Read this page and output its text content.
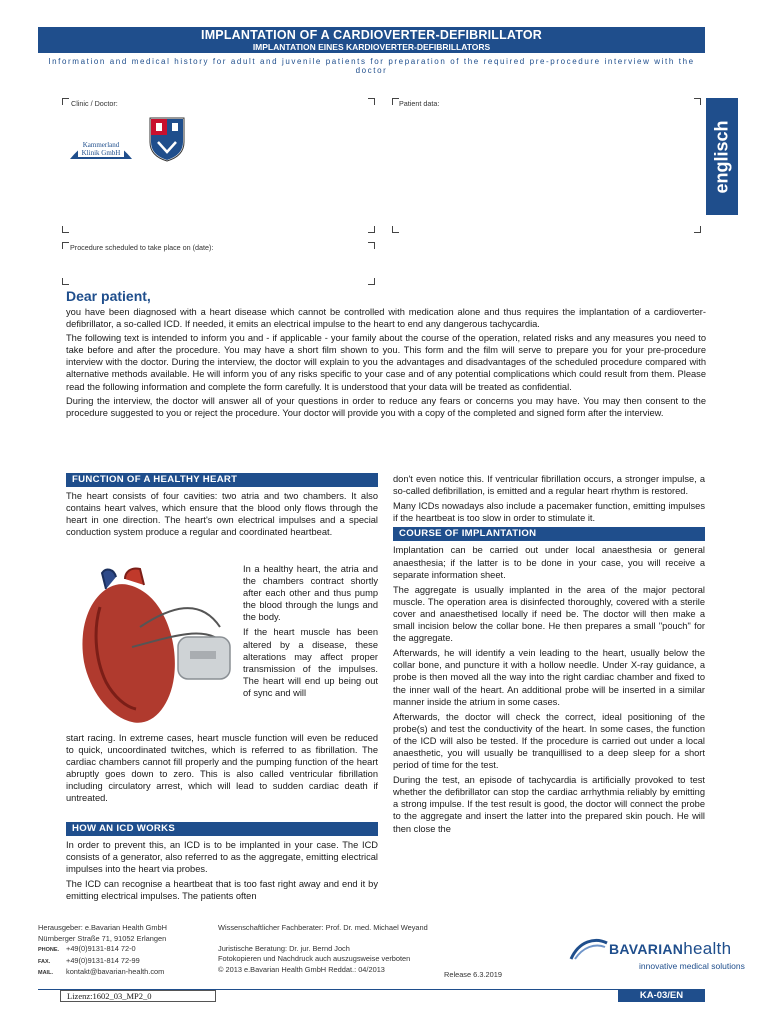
IMPLANTATION OF A CARDIOVERTER-DEFIBRILLATOR
IMPLANTATION EINES KARDIOVERTER-DEFIBRILLATORS
Information and medical history for adult and juvenile patients for preparation of the required pre-procedure interview with the doctor
englisch
Clinic / Doctor:	Patient data:
Procedure scheduled to take place on (date):
Kammerland
Klinik GmbH
Dear patient,

you have been diagnosed with a heart disease which cannot be controlled with medication alone and thus requires the implantation of a cardioverter-defibrillator, a so-called ICD. If needed, it emits an electrical impulse to the heart to end any dangerous tachycardia.

The following text is intended to inform you and - if applicable - your family about the course of the operation, related risks and any measures you need to take before and after the procedure. You may have a short film shown to you. This form and the film will serve to prepare you for your pre-procedure interview with the doctor. During the interview, the doctor will explain to you the advantages and disadvantages of the scheduled procedure compared with alternative methods available. He will inform you of any risks specific to your case and of any potential complications which could result from them. Please read the following information and complete the form carefully. It is understood that your data will be treated as confidential.

During the interview, the doctor will answer all of your questions in order to reduce any fears or concerns you may have. You may then consent to the procedure suggested to you or reject the procedure. Your doctor will provide you with a copy of the completed and signed form after the interview.

FUNCTION OF A HEALTHY HEART

The heart consists of four cavities: two atria and two chambers. It also contains heart valves, which ensure that the blood only flows through the heart in one direction. The heart's own electrical impulses and a special conduction system produce a regular and coordinated heartbeat.

In a healthy heart, the atria and the chambers contract shortly after each other and thus pump the blood through the lungs and the body.

If the heart muscle has been altered by a disease, these alterations may affect proper transmission of the impulses. The heart will end up being out of sync and will

start racing. In extreme cases, heart muscle function will even be reduced to quick, uncoordinated twitches, which is referred to as fibrillation. The cardiac chambers cannot fill properly and the pumping function of the heart abruptly goes down to zero. This is also called ventricular fibrillation including circulatory arrest, which will lead to sudden cardiac death if untreated.
HOW AN ICD WORKS

In order to prevent this, an ICD is to be implanted in your case. The ICD consists of a generator, also referred to as the aggregate, emitting electrical impulses into the heart via probes.

The ICD can recognise a heartbeat that is too fast right away and end it by emitting electrical impulses. The patients often

don't even notice this. If ventricular fibrillation occurs, a stronger impulse, a so-called defibrillation, is emitted and a regular heart rhythm is restored.

Many ICDs nowadays also include a pacemaker function, emitting impulses if the heartbeat is too slow in order to stimulate it.

COURSE OF IMPLANTATION

Implantation can be carried out under local anaesthesia or general anaesthesia; if the latter is to be done in your case, you will receive a separate information sheet.

The aggregate is usually implanted in the area of the major pectoral muscle. The operation area is disinfected thoroughly, covered with a sterile cover and anaesthetised locally if need be. The doctor will then make a small incision below the collar bone. He then prepares a small "pouch" for the aggregate.

Afterwards, he will identify a vein leading to the heart, usually below the collar bone, and puncture it with a hollow needle. Under X-ray guidance, a probe is then moved all the way into the right cardiac chamber and fixed to the inner wall of the heart. An additional probe will be inserted in a similar manner inside the atrium in some cases.

Afterwards, the doctor will check the correct, ideal positioning of the probe(s) and test the conductivity of the heart. In some cases, the function of the ICD will also be tested. If the procedure is carried out under a local anaesthetic, you will usually be tranquillised to a deep sleep for a short period of time for the test.

During the test, an episode of tachycardia is artificially provoked to test whether the defibrillator can stop the cardiac arrhythmia reliably by emitting a strong impulse. If the test result is good, the doctor will connect the probe to the aggregate and insert the latter into the prepared skin pouch. He will then close the

Herausgeber: e.Bavarian Health GmbH
Nürnberger Straße 71, 91052 Erlangen
PHONE. +49(0)9131-814 72-0
FAX. +49(0)9131-814 72-99
MAIL. kontakt@bavarian-health.com
Wissenschaftlicher Fachberater: Prof. Dr. med. Michael Weyand
Juristische Beratung: Dr. jur. Bernd Joch
Fotokopieren und Nachdruck auch auszugsweise verboten
© 2013 e.Bavarian Health GmbH Reddat.: 04/2013
Release 6.3.2019
BAVARIANhealth
innovative medical solutions
Lizenz:1602_03_MP2_0	KA-03/EN
